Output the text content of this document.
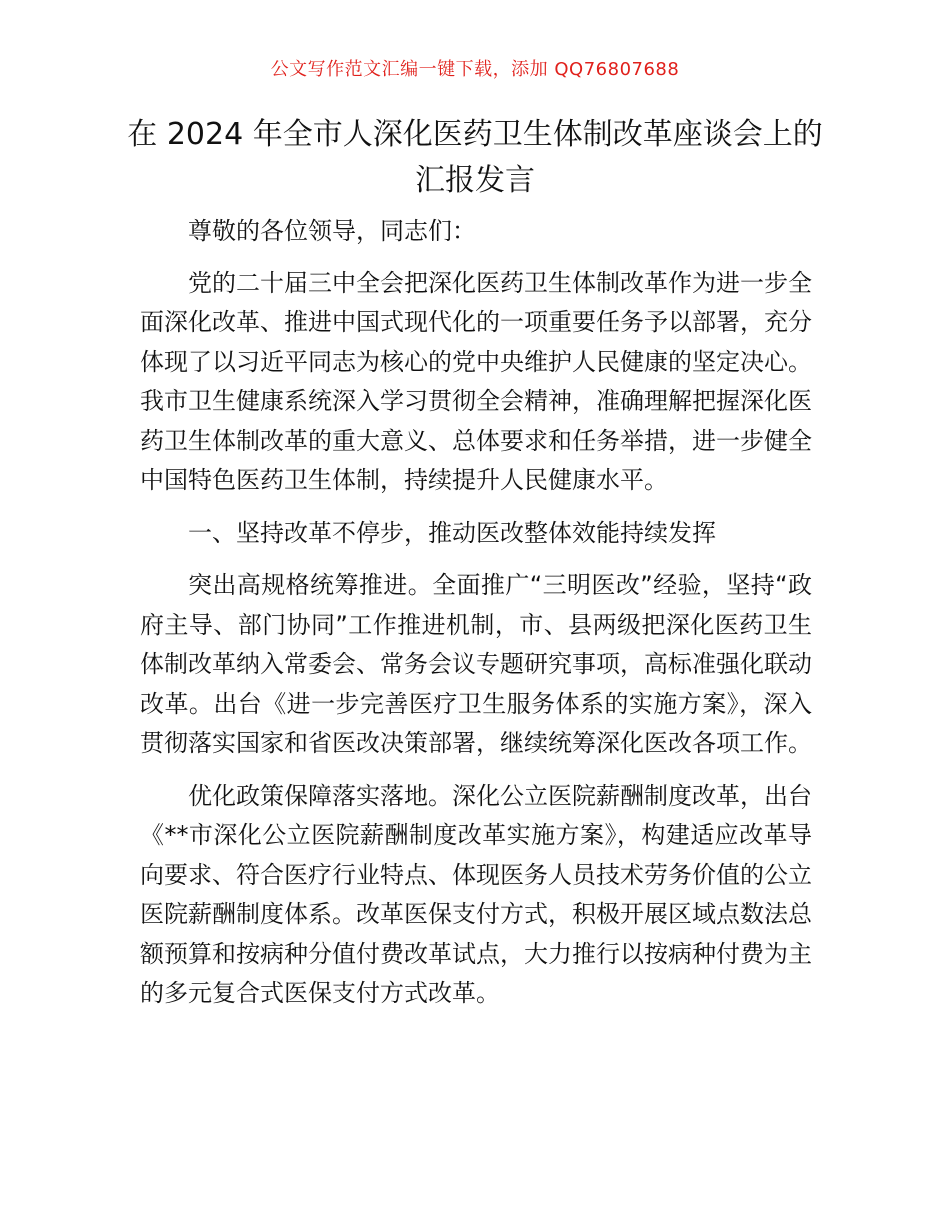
公文写作范文汇编一键下载，添加 QQ76807688
在 2024 年全市人深化医药卫生体制改革座谈会上的汇报发言

尊敬的各位领导，同志们：

党的二十届三中全会把深化医药卫生体制改革作为进一步全面深化改革、推进中国式现代化的一项重要任务予以部署，充分体现了以习近平同志为核心的党中央维护人民健康的坚定决心。我市卫生健康系统深入学习贯彻全会精神，准确理解把握深化医药卫生体制改革的重大意义、总体要求和任务举措，进一步健全中国特色医药卫生体制，持续提升人民健康水平。

一、坚持改革不停步，推动医改整体效能持续发挥

突出高规格统筹推进。全面推广“三明医改”经验，坚持“政府主导、部门协同”工作推进机制，市、县两级把深化医药卫生体制改革纳入常委会、常务会议专题研究事项，高标准强化联动改革。出台《进一步完善医疗卫生服务体系的实施方案》，深入贯彻落实国家和省医改决策部署，继续统筹深化医改各项工作。

优化政策保障落实落地。深化公立医院薪酬制度改革，出台《**市深化公立医院薪酬制度改革实施方案》，构建适应改革导向要求、符合医疗行业特点、体现医务人员技术劳务价值的公立医院薪酬制度体系。改革医保支付方式，积极开展区域点数法总额预算和按病种分值付费改革试点，大力推行以按病种付费为主的多元复合式医保支付方式改革。
